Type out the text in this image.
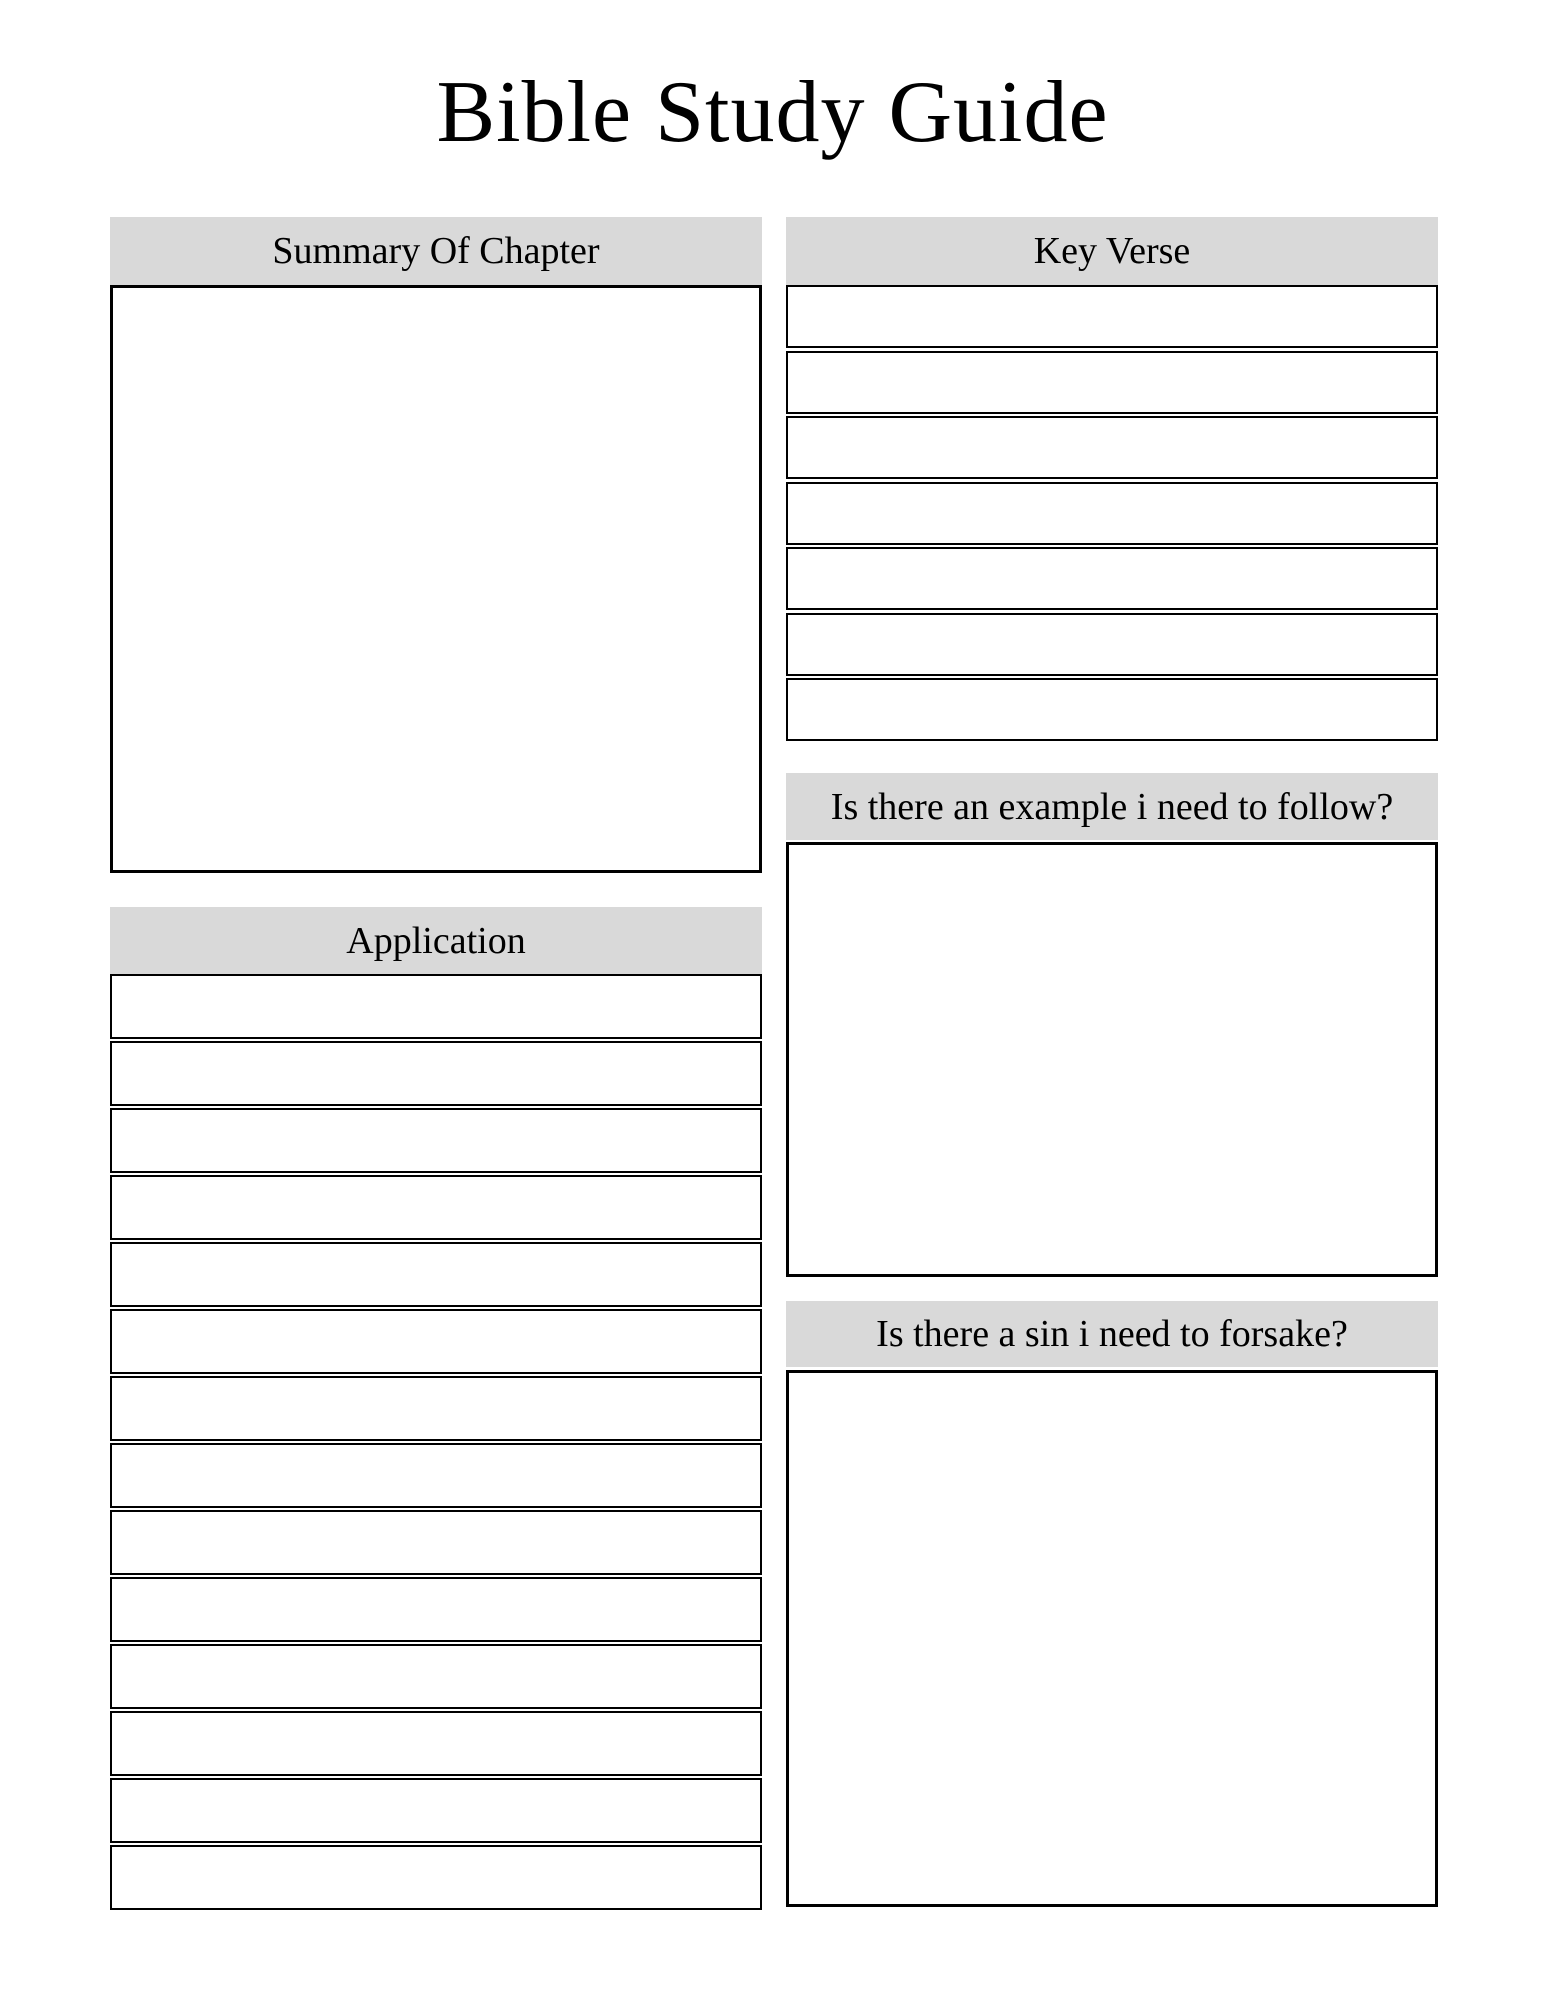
Bible Study Guide
Summary Of Chapter
Application
Key Verse
Is there an example i need to follow?
Is there a sin i need to forsake?
